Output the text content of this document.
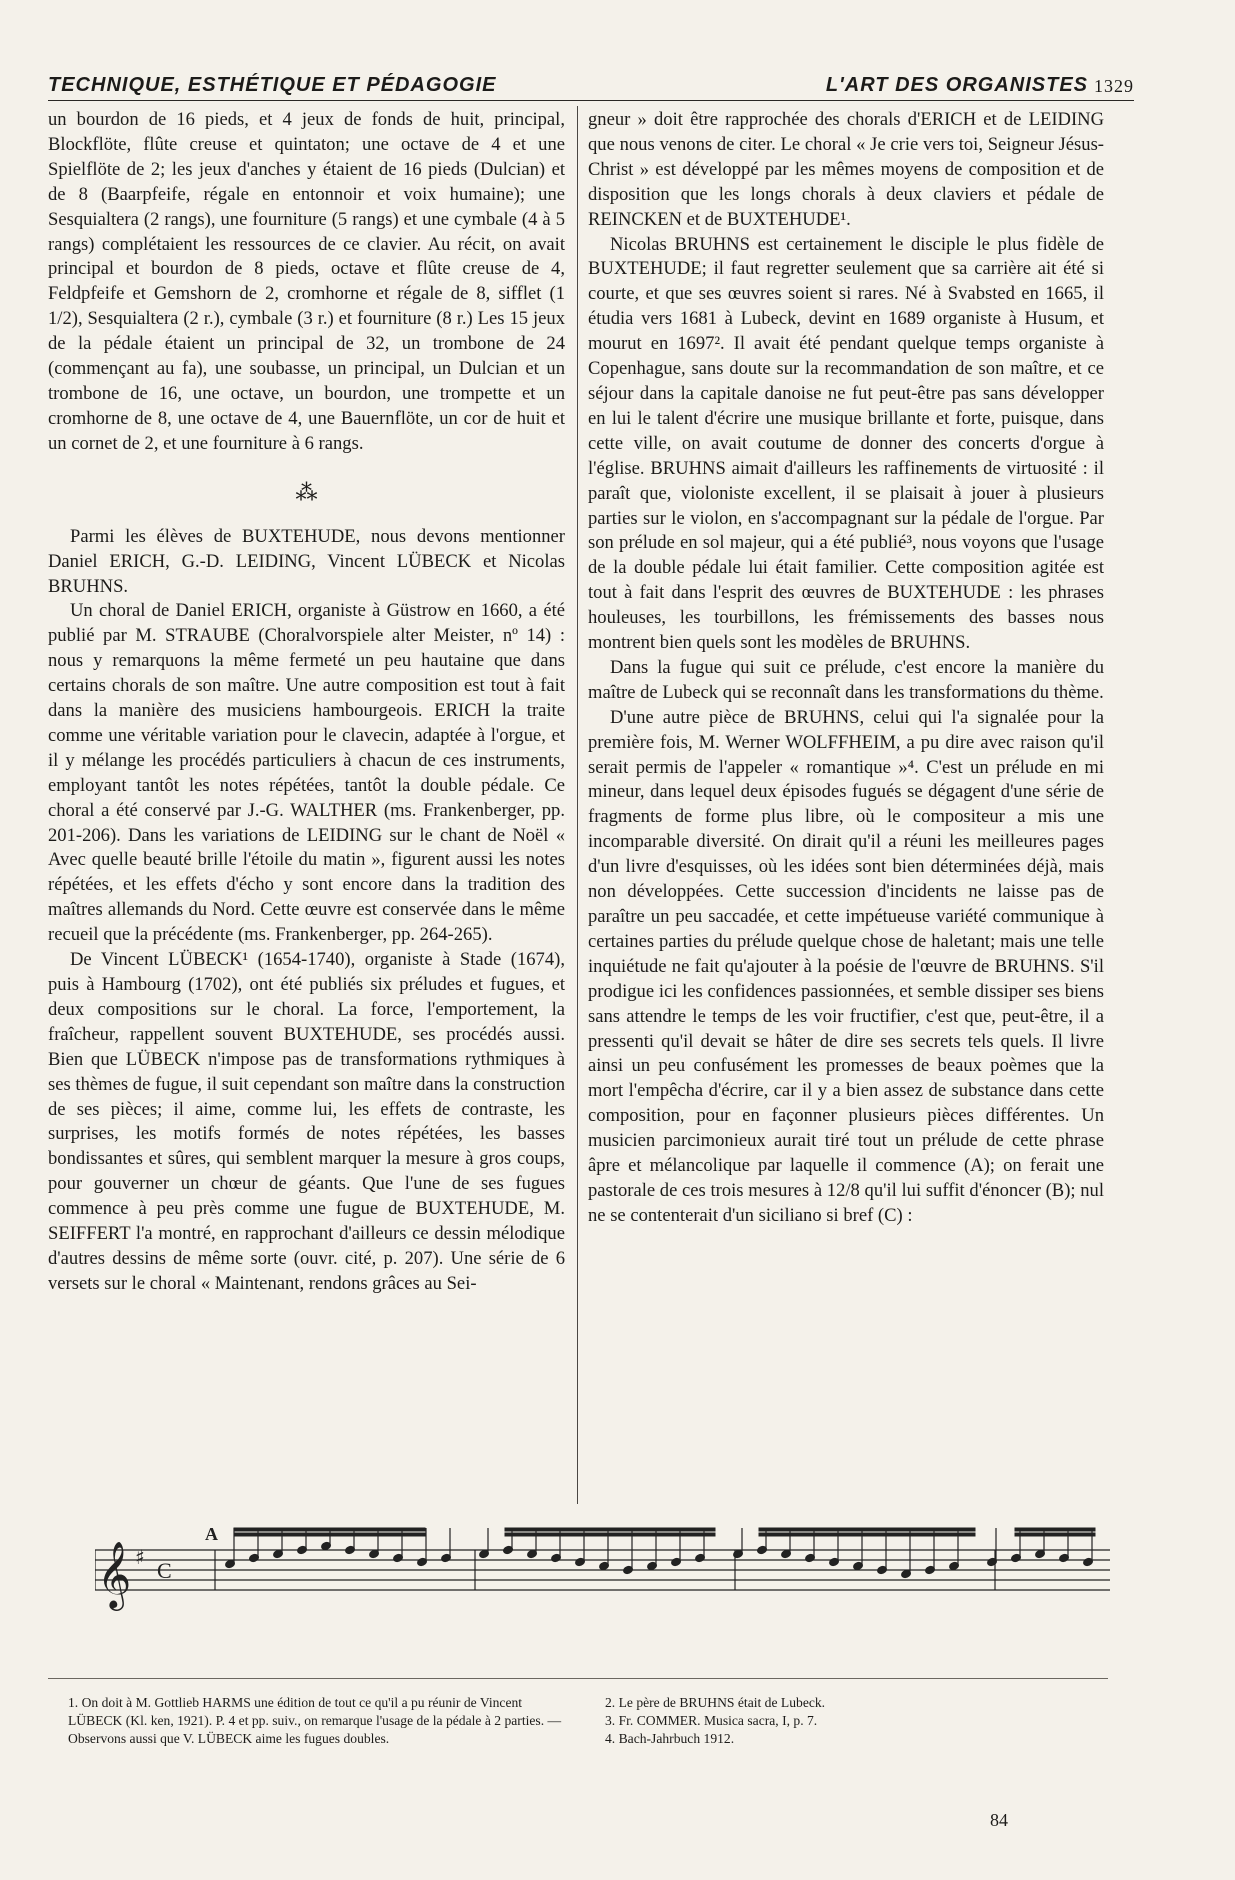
TECHNIQUE, ESTHÉTIQUE ET PÉDAGOGIE	L'ART DES ORGANISTES 1329

un bourdon de 16 pieds, et 4 jeux de fonds de huit, principal, Blockflöte, flûte creuse et quintaton; une octave de 4 et une Spielflöte de 2; les jeux d'anches y étaient de 16 pieds (Dulcian) et de 8 (Baarpfeife, régale en entonnoir et voix humaine); une Sesquialtera (2 rangs), une fourniture (5 rangs) et une cymbale (4 à 5 rangs) complétaient les ressources de ce clavier. Au récit, on avait principal et bourdon de 8 pieds, octave et flûte creuse de 4, Feldpfeife et Gemshorn de 2, cromhorne et régale de 8, sifflet (1 1/2), Sesquialtera (2 r.), cymbale (3 r.) et fourniture (8 r.) Les 15 jeux de la pédale étaient un principal de 32, un trombone de 24 (commençant au fa), une soubasse, un principal, un Dulcian et un trombone de 16, une octave, un bourdon, une trompette et un cromhorne de 8, une octave de 4, une Bauernflöte, un cor de huit et un cornet de 2, et une fourniture à 6 rangs.

⁂

Parmi les élèves de BUXTEHUDE, nous devons mentionner Daniel ERICH, G.-D. LEIDING, Vincent LÜBECK et Nicolas BRUHNS.

Un choral de Daniel ERICH, organiste à Güstrow en 1660, a été publié par M. STRAUBE (Choralvorspiele alter Meister, nº 14) : nous y remarquons la même fermeté un peu hautaine que dans certains chorals de son maître. Une autre composition est tout à fait dans la manière des musiciens hambourgeois. ERICH la traite comme une véritable variation pour le clavecin, adaptée à l'orgue, et il y mélange les procédés particuliers à chacun de ces instruments, employant tantôt les notes répétées, tantôt la double pédale. Ce choral a été conservé par J.-G. WALTHER (ms. Frankenberger, pp. 201-206). Dans les variations de LEIDING sur le chant de Noël « Avec quelle beauté brille l'étoile du matin », figurent aussi les notes répétées, et les effets d'écho y sont encore dans la tradition des maîtres allemands du Nord. Cette œuvre est conservée dans le même recueil que la précédente (ms. Frankenberger, pp. 264-265).

De Vincent LÜBECK¹ (1654-1740), organiste à Stade (1674), puis à Hambourg (1702), ont été publiés six préludes et fugues, et deux compositions sur le choral. La force, l'emportement, la fraîcheur, rappellent souvent BUXTEHUDE, ses procédés aussi. Bien que LÜBECK n'impose pas de transformations rythmiques à ses thèmes de fugue, il suit cependant son maître dans la construction de ses pièces; il aime, comme lui, les effets de contraste, les surprises, les motifs formés de notes répétées, les basses bondissantes et sûres, qui semblent marquer la mesure à gros coups, pour gouverner un chœur de géants. Que l'une de ses fugues commence à peu près comme une fugue de BUXTEHUDE, M. SEIFFERT l'a montré, en rapprochant d'ailleurs ce dessin mélodique d'autres dessins de même sorte (ouvr. cité, p. 207). Une série de 6 versets sur le choral « Maintenant, rendons grâces au Sei-

gneur » doit être rapprochée des chorals d'ERICH et de LEIDING que nous venons de citer. Le choral « Je crie vers toi, Seigneur Jésus-Christ » est développé par les mêmes moyens de composition et de disposition que les longs chorals à deux claviers et pédale de REINCKEN et de BUXTEHUDE¹.

Nicolas BRUHNS est certainement le disciple le plus fidèle de BUXTEHUDE; il faut regretter seulement que sa carrière ait été si courte, et que ses œuvres soient si rares. Né à Svabsted en 1665, il étudia vers 1681 à Lubeck, devint en 1689 organiste à Husum, et mourut en 1697². Il avait été pendant quelque temps organiste à Copenhague, sans doute sur la recommandation de son maître, et ce séjour dans la capitale danoise ne fut peut-être pas sans développer en lui le talent d'écrire une musique brillante et forte, puisque, dans cette ville, on avait coutume de donner des concerts d'orgue à l'église. BRUHNS aimait d'ailleurs les raffinements de virtuosité : il paraît que, violoniste excellent, il se plaisait à jouer à plusieurs parties sur le violon, en s'accompagnant sur la pédale de l'orgue. Par son prélude en sol majeur, qui a été publié³, nous voyons que l'usage de la double pédale lui était familier. Cette composition agitée est tout à fait dans l'esprit des œuvres de BUXTEHUDE : les phrases houleuses, les tourbillons, les frémissements des basses nous montrent bien quels sont les modèles de BRUHNS.

Dans la fugue qui suit ce prélude, c'est encore la manière du maître de Lubeck qui se reconnaît dans les transformations du thème.

D'une autre pièce de BRUHNS, celui qui l'a signalée pour la première fois, M. Werner WOLFFHEIM, a pu dire avec raison qu'il serait permis de l'appeler « romantique »⁴. C'est un prélude en mi mineur, dans lequel deux épisodes fugués se dégagent d'une série de fragments de forme plus libre, où le compositeur a mis une incomparable diversité. On dirait qu'il a réuni les meilleures pages d'un livre d'esquisses, où les idées sont bien déterminées déjà, mais non développées. Cette succession d'incidents ne laisse pas de paraître un peu saccadée, et cette impétueuse variété communique à certaines parties du prélude quelque chose de haletant; mais une telle inquiétude ne fait qu'ajouter à la poésie de l'œuvre de BRUHNS. S'il prodigue ici les confidences passionnées, et semble dissiper ses biens sans attendre le temps de les voir fructifier, c'est que, peut-être, il a pressenti qu'il devait se hâter de dire ses secrets tels quels. Il livre ainsi un peu confusément les promesses de beaux poèmes que la mort l'empêcha d'écrire, car il y a bien assez de substance dans cette composition, pour en façonner plusieurs pièces différentes. Un musicien parcimonieux aurait tiré tout un prélude de cette phrase âpre et mélancolique par laquelle il commence (A); on ferait une pastorale de ces trois mesures à 12/8 qu'il lui suffit d'énoncer (B); nul ne se contenterait d'un siciliano si bref (C) :

𝄞 ♯
C
A
1. On doit à M. Gottlieb HARMS une édition de tout ce qu'il a pu réunir de Vincent LÜBECK (Kl. ken, 1921). P. 4 et pp. suiv., on remarque l'usage de la pédale à 2 parties. — Observons aussi que V. LÜBECK aime les fugues doubles.
2. Le père de BRUHNS était de Lubeck.
3. Fr. COMMER. Musica sacra, I, p. 7.
4. Bach-Jahrbuch 1912.
84
